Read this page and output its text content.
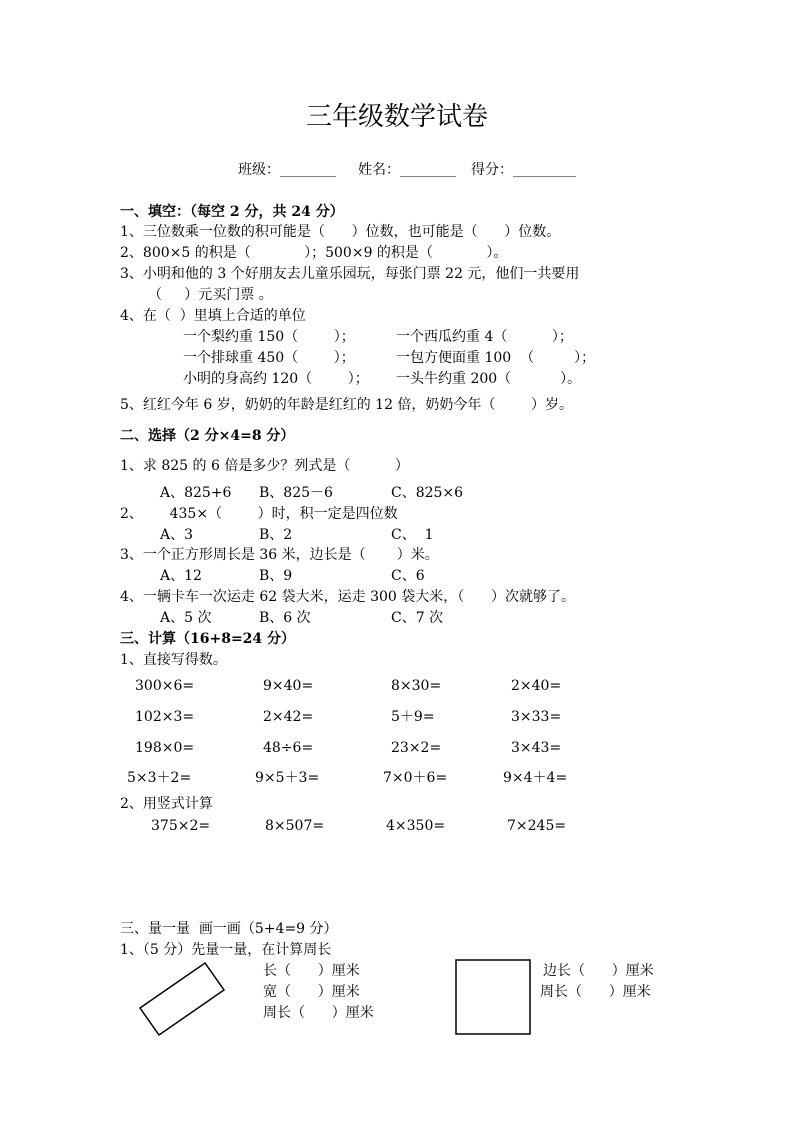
三年级数学试卷
班级：________ 姓名：________ 得分：_________
一、填空：（每空 2 分，共 24 分）
1、三位数乘一位数的积可能是（      ）位数，也可能是（      ）位数。
2、800×5 的积是（            ）；500×9 的积是（            ）。
3、小明和他的 3 个好朋友去儿童乐园玩，每张门票 22 元，他们一共要用
（     ）元买门票 。
4、在（  ）里填上合适的单位
一个梨约重 150（        ）；	一个西瓜约重 4（          ）；
一个排球重 450（        ）；	一包方便面重 100  （         ）；
小明的身高约 120（        ）； 一头牛约重 200（           ）。
5、红红今年 6 岁，奶奶的年龄是红红的 12 倍，奶奶今年（        ）岁。
二、选择（2 分×4=8 分）
1、求 825 的 6 倍是多少？列式是（          ）
A、825+6 B、825－6	C、825×6
2、      435×（        ）时，积一定是四位数
A、3	B、2	C、  1
3、一个正方形周长是 36 米，边长是（       ）米。
A、12	B、9	C、6
4、一辆卡车一次运走 62 袋大米，运走 300 袋大米，（      ）次就够了。
A、5 次	B、6 次	C、7 次
三、计算（16+8=24 分）
1、直接写得数。
300×6=	9×40=	8×30=	2×40=
102×3=	2×42=	5＋9=	3×33=
198×0=	48÷6=	23×2=	3×43=
5×3＋2=	9×5＋3=	7×0＋6=	9×4＋4=
2、用竖式计算
375×2=	8×507=	4×350=	7×245=
三、量一量  画一画（5+4=9 分）
1、（5 分）先量一量，在计算周长
长（      ）厘米
宽（      ）厘米
周长（      ）厘米
边长（      ）厘米
周长（      ）厘米
